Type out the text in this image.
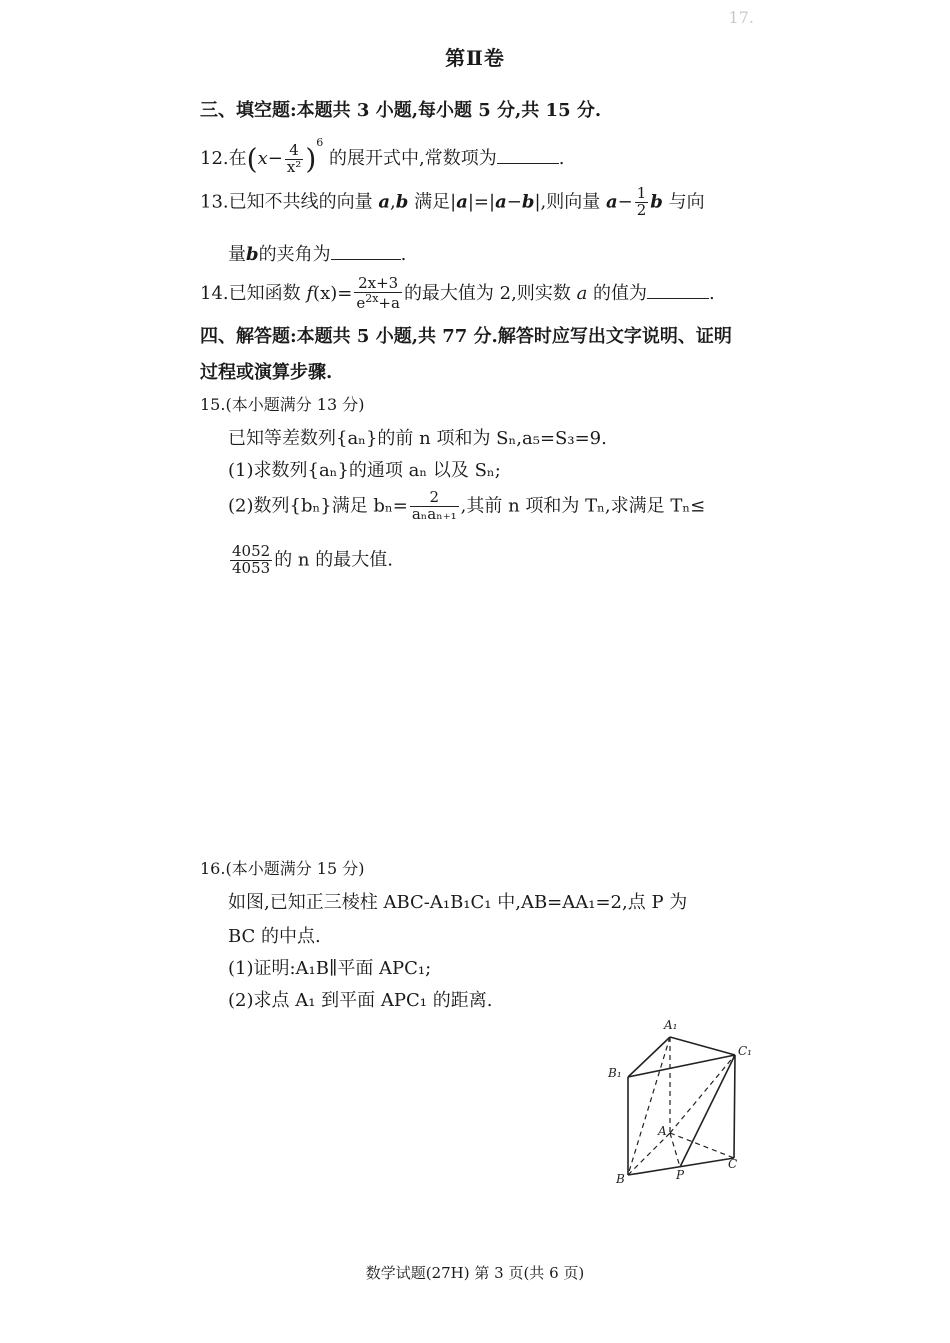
17.
第Ⅱ卷
三、填空题:本题共 3 小题,每小题 5 分,共 15 分.
12.在$(x- \frac{4}{\text{x²}} )^6$ 的展开式中,常数项为	.
13.已知不共线的向量 a,b 满足|a|=|a−b|,则向量 $a- \frac{1}{2}$ b 与向
量b的夹角为	.
14.已知函数 $f(x)= \frac{2x+3}{e^{2x}+a}$ 的最大值为 2,则实数 a 的值为	.
四、解答题:本题共 5 小题,共 77 分.解答时应写出文字说明、证明
过程或演算步骤.
15.(本小题满分 13 分)
已知等差数列{aₙ}的前 n 项和为 Sₙ,a₅=S₃=9.
(1)求数列{aₙ}的通项 aₙ 以及 Sₙ;
(2)数列{bₙ}满足 $b_n= \frac{2}{\text{aₙaₙ₊₁}}$ ,其前 n 项和为 Tₙ,求满足 Tₙ≤
$\frac{4052}{4053}$ 的 n 的最大值.
16.(本小题满分 15 分)
如图,已知正三棱柱 ABC-A₁B₁C₁ 中,AB=AA₁=2,点 P 为
BC 的中点.
(1)证明:A₁B∥平面 APC₁;
(2)求点 A₁ 到平面 APC₁ 的距离.
A₁
B₁
C₁
A
B
C
P
数学试题(27H) 第 3 页(共 6 页)
